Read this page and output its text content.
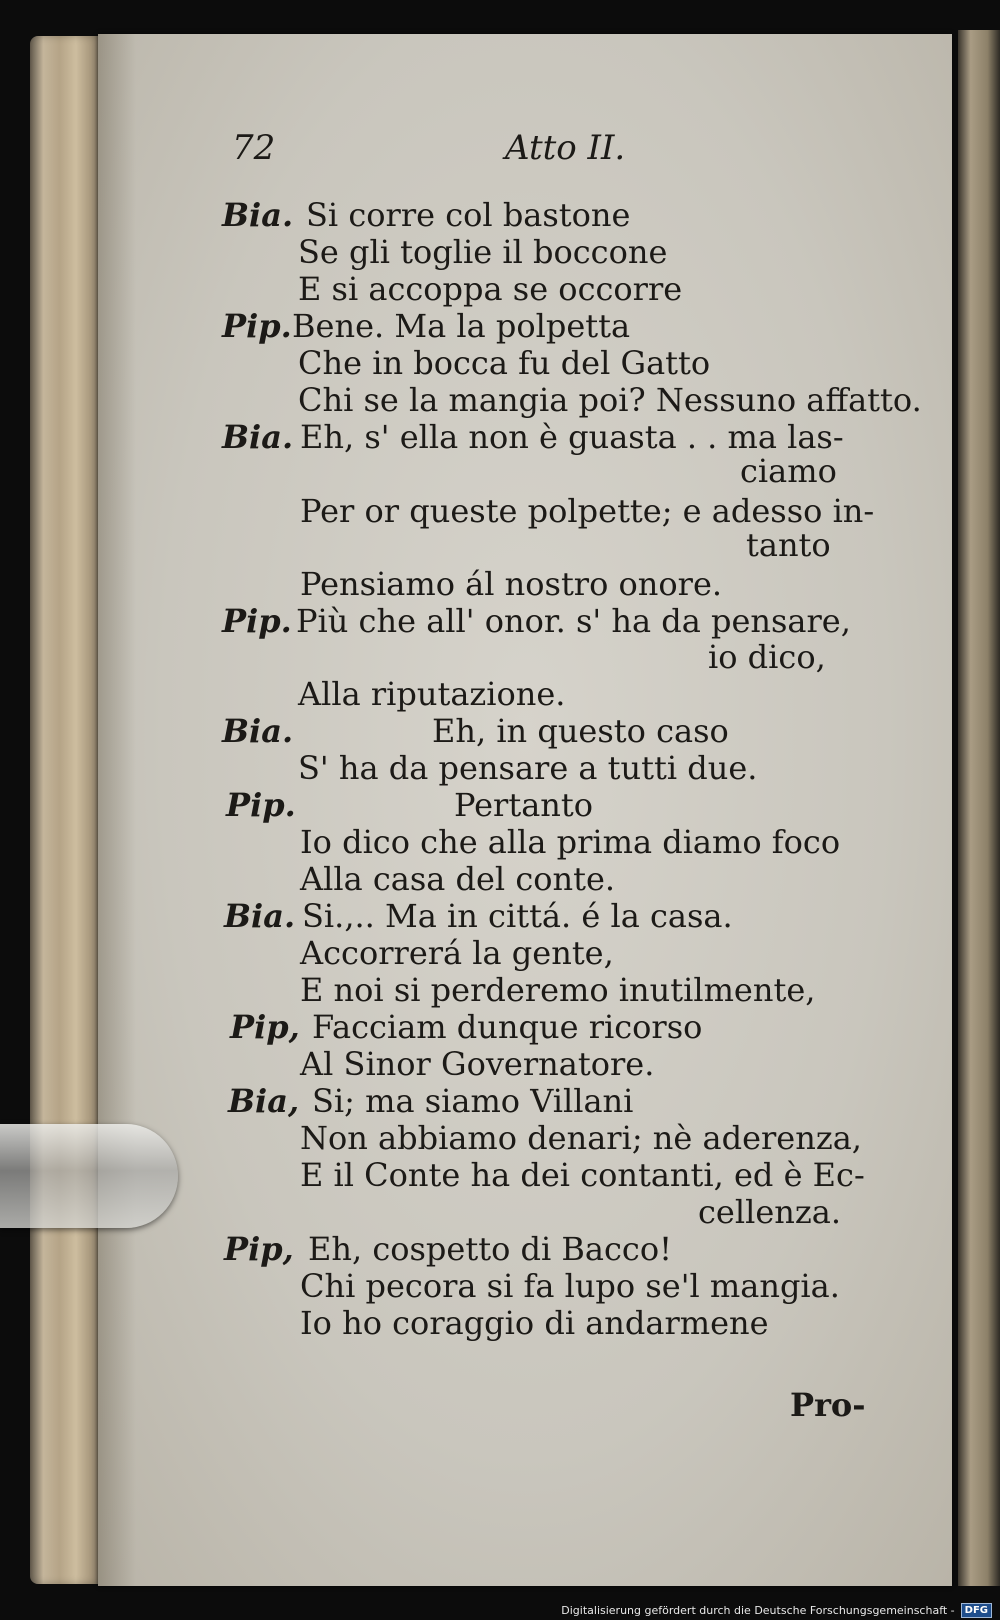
72	Atto II.
Bia. Si corre col bastone
Se gli toglie il boccone
E si accoppa se occorre
Pip. Bene. Ma la polpetta
Che in bocca fu del Gatto
Chi se la mangia poi? Nessuno affatto.
Bia. Eh, s' ella non è guasta . . ma las-
ciamo
Per or queste polpette; e adesso in-
tanto
Pensiamo ál nostro onore.
Pip. Più che all' onor. s' ha da pensare,
io dico,
Alla riputazione.
Bia.	Eh, in questo caso
S' ha da pensare a tutti due.
Pip.	Pertanto
Io dico che alla prima diamo foco
Alla casa del conte.
Bia. Si.,.. Ma in cittá. é la casa.
Accorrerá la gente,
E noi si perderemo inutilmente,
Pip, Facciam dunque ricorso
Al Sinor Governatore.
Bia, Si; ma siamo Villani
Non abbiamo denari; nè aderenza,
E il Conte ha dei contanti, ed è Ec-
cellenza.
Pip, Eh, cospetto di Bacco!
Chi pecora si fa lupo se'l mangia.
Io ho coraggio di andarmene
Pro-
Digitalisierung gefördert durch die Deutsche Forschungsgemeinschaft -	DFG
